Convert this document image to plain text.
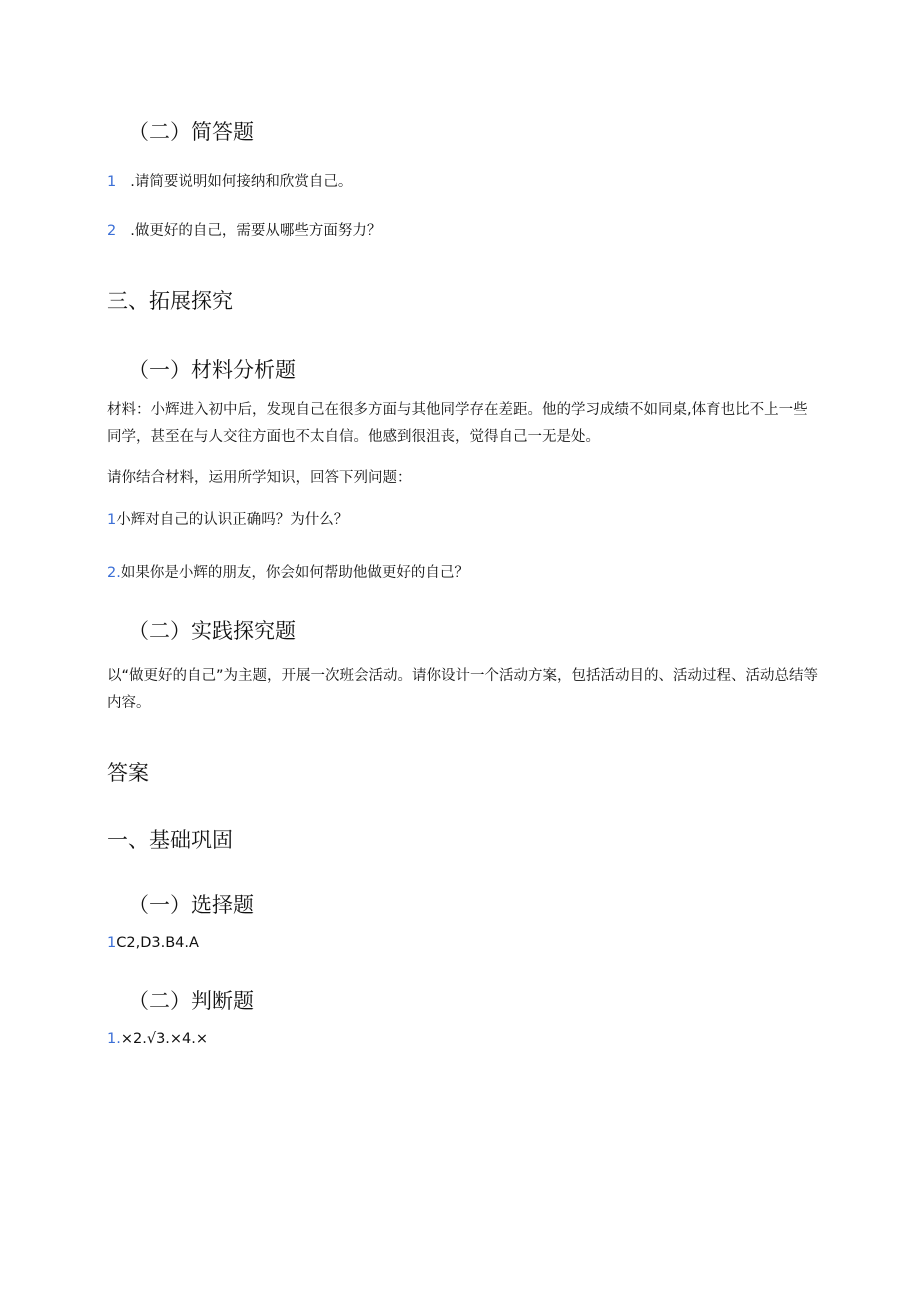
（二）简答题
1 .请简要说明如何接纳和欣赏自己。
2 .做更好的自己，需要从哪些方面努力？
三、拓展探究
（一）材料分析题

材料：小辉进入初中后，发现自己在很多方面与其他同学存在差距。他的学习成绩不如同桌,体育也比不上一些同学，甚至在与人交往方面也不太自信。他感到很沮丧，觉得自己一无是处。

请你结合材料，运用所学知识，回答下列问题：
1小辉对自己的认识正确吗？为什么？
2.如果你是小辉的朋友，你会如何帮助他做更好的自己？
（二）实践探究题

以“做更好的自己”为主题，开展一次班会活动。请你设计一个活动方案，包括活动目的、活动过程、活动总结等内容。

答案
一、基础巩固
（一）选择题
1C2,D3.B4.A
（二）判断题
1.×2.√3.×4.×
